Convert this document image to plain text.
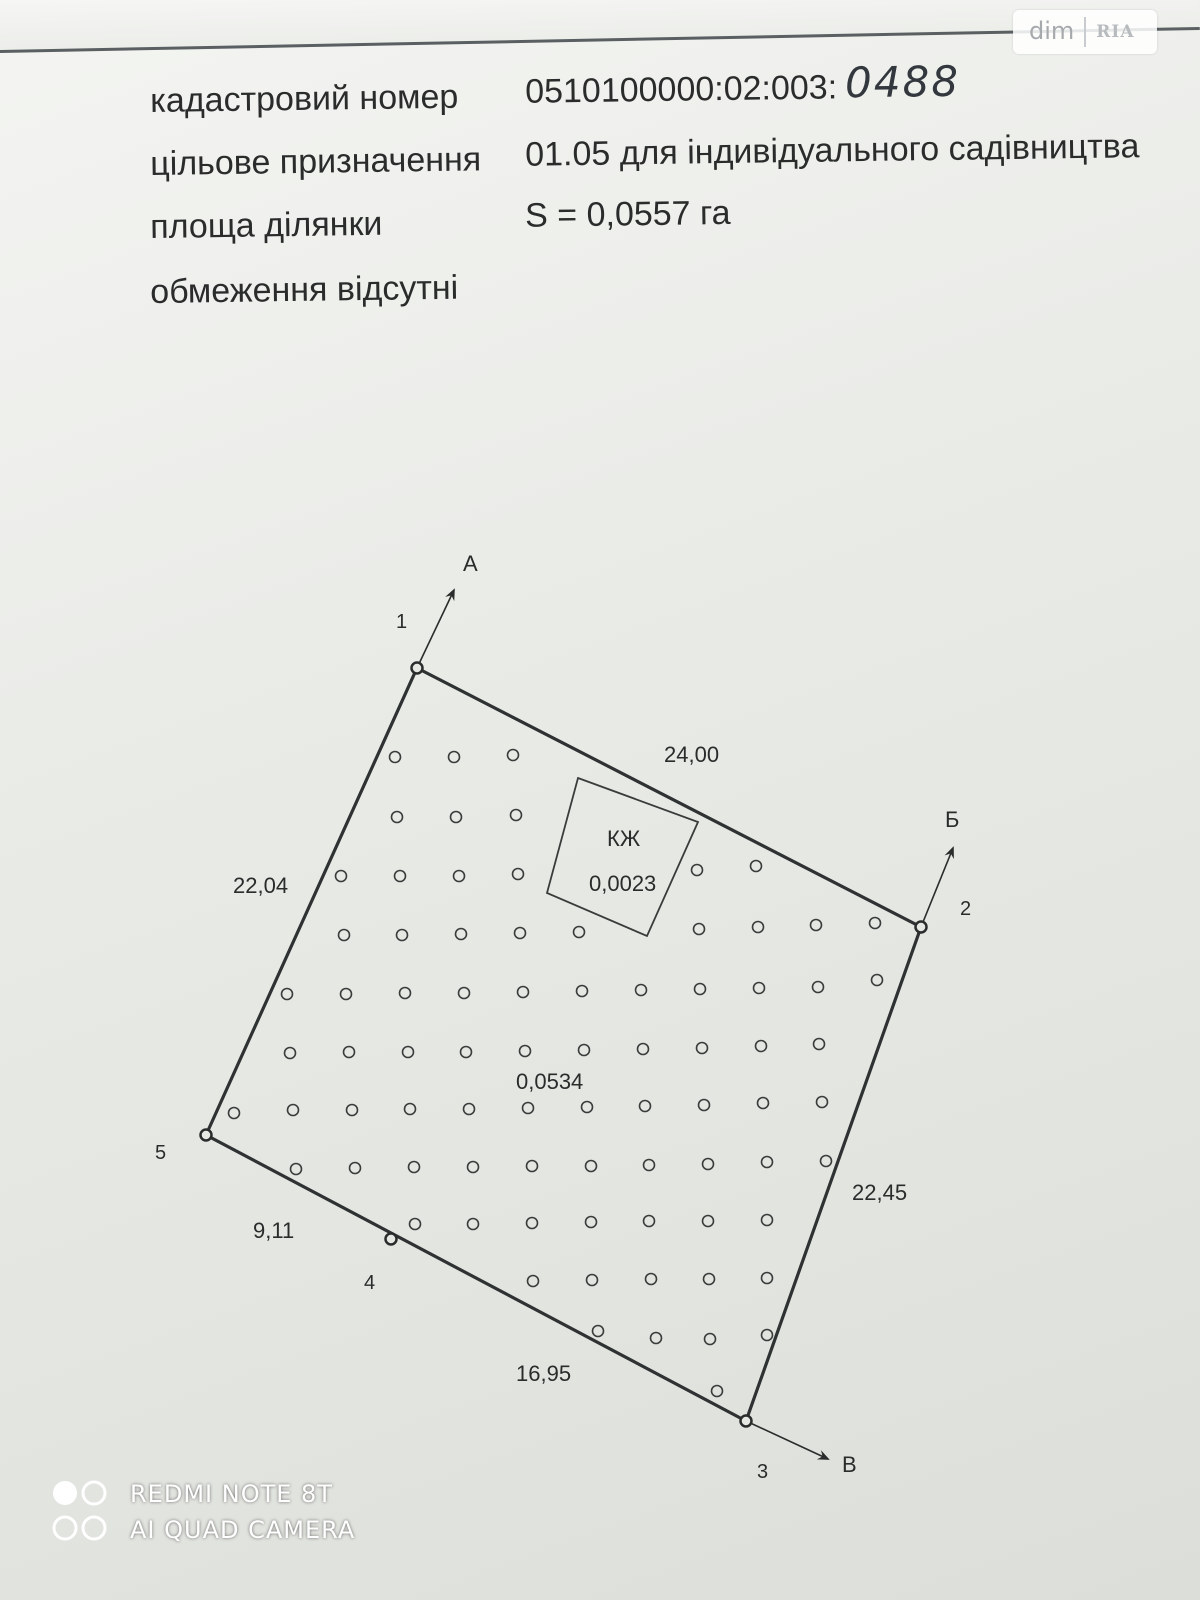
dim	RIA
кадастровий номер 0510100000:02:003: 0488
цільове призначення 01.05 для індивідуального садівництва
площа ділянки	S = 0,0557 га
обмеження відсутні
1
2
3
4
5
А
Б
В
24,00
22,04
22,45
9,11
16,95
КЖ
0,0023
0,0534
REDMI NOTE 8T
AI QUAD CAMERA
